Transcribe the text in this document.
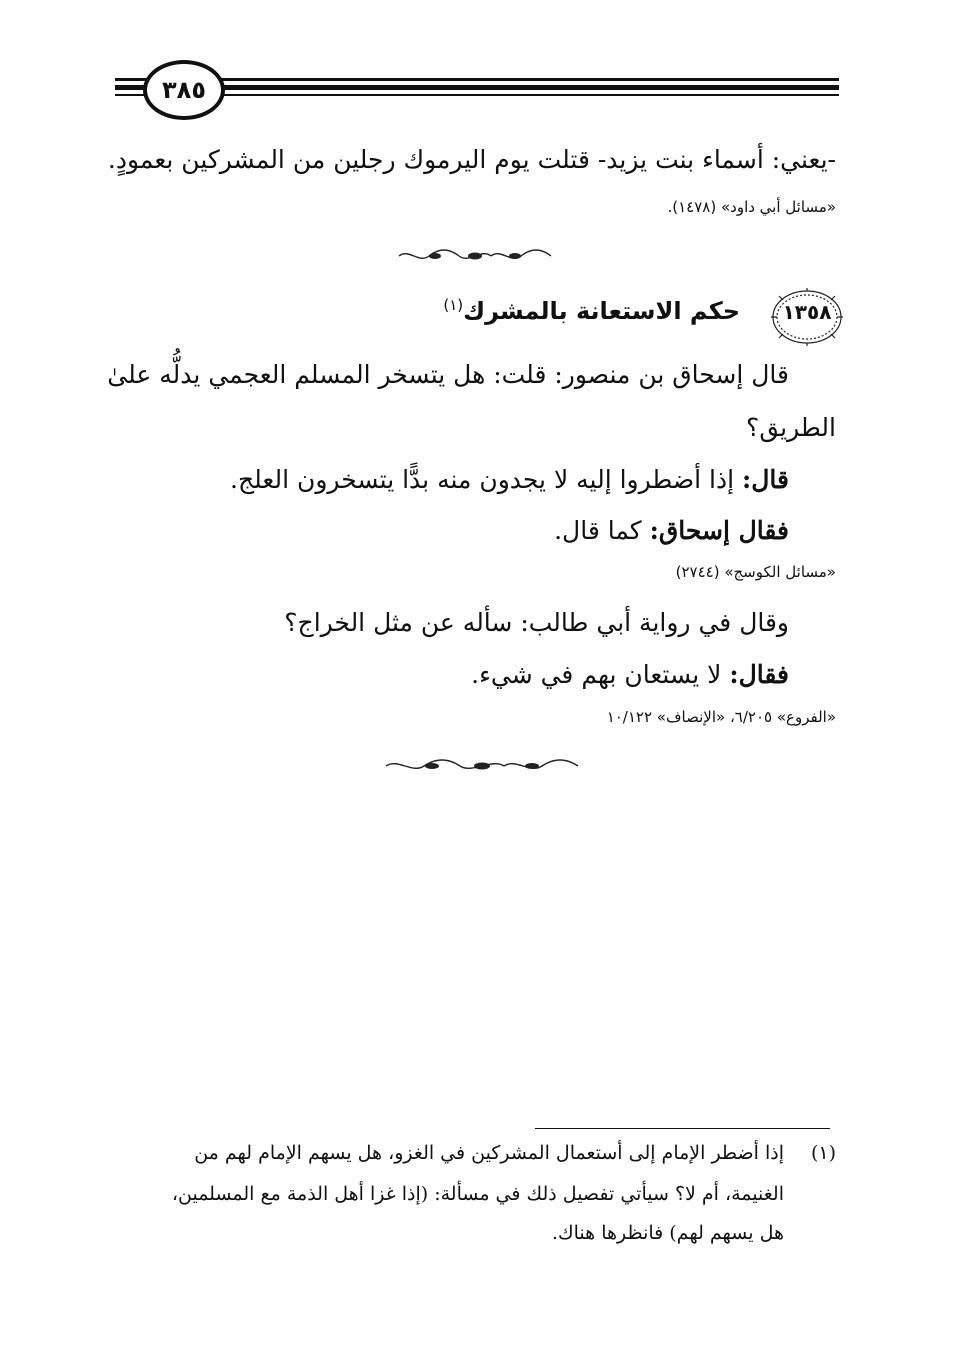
٣٨٥
-يعني: أسماء بنت يزيد- قتلت يوم اليرموك رجلين من المشركين بعمودٍ.
«مسائل أبي داود» (١٤٧٨).
١٣٥٨
حكم الاستعانة بالمشرك$^{(١)}$
قال إسحاق بن منصور: قلت: هل يتسخر المسلم العجمي يدلُّه علىٰ
الطريق؟
قال: إذا أضطروا إليه لا يجدون منه بدًّا يتسخرون العلج.
فقال إسحاق: كما قال.
«مسائل الكوسج» (٢٧٤٤)
وقال في رواية أبي طالب: سأله عن مثل الخراج؟
فقال: لا يستعان بهم في شيء.
«الفروع» ٦/٢٠٥، «الإنصاف» ١٠/١٢٢
(١)
إذا أضطر الإمام إلى أستعمال المشركين في الغزو، هل يسهم الإمام لهم من
الغنيمة، أم لا؟ سيأتي تفصيل ذلك في مسألة: (إذا غزا أهل الذمة مع المسلمين،
هل يسهم لهم) فانظرها هناك.
